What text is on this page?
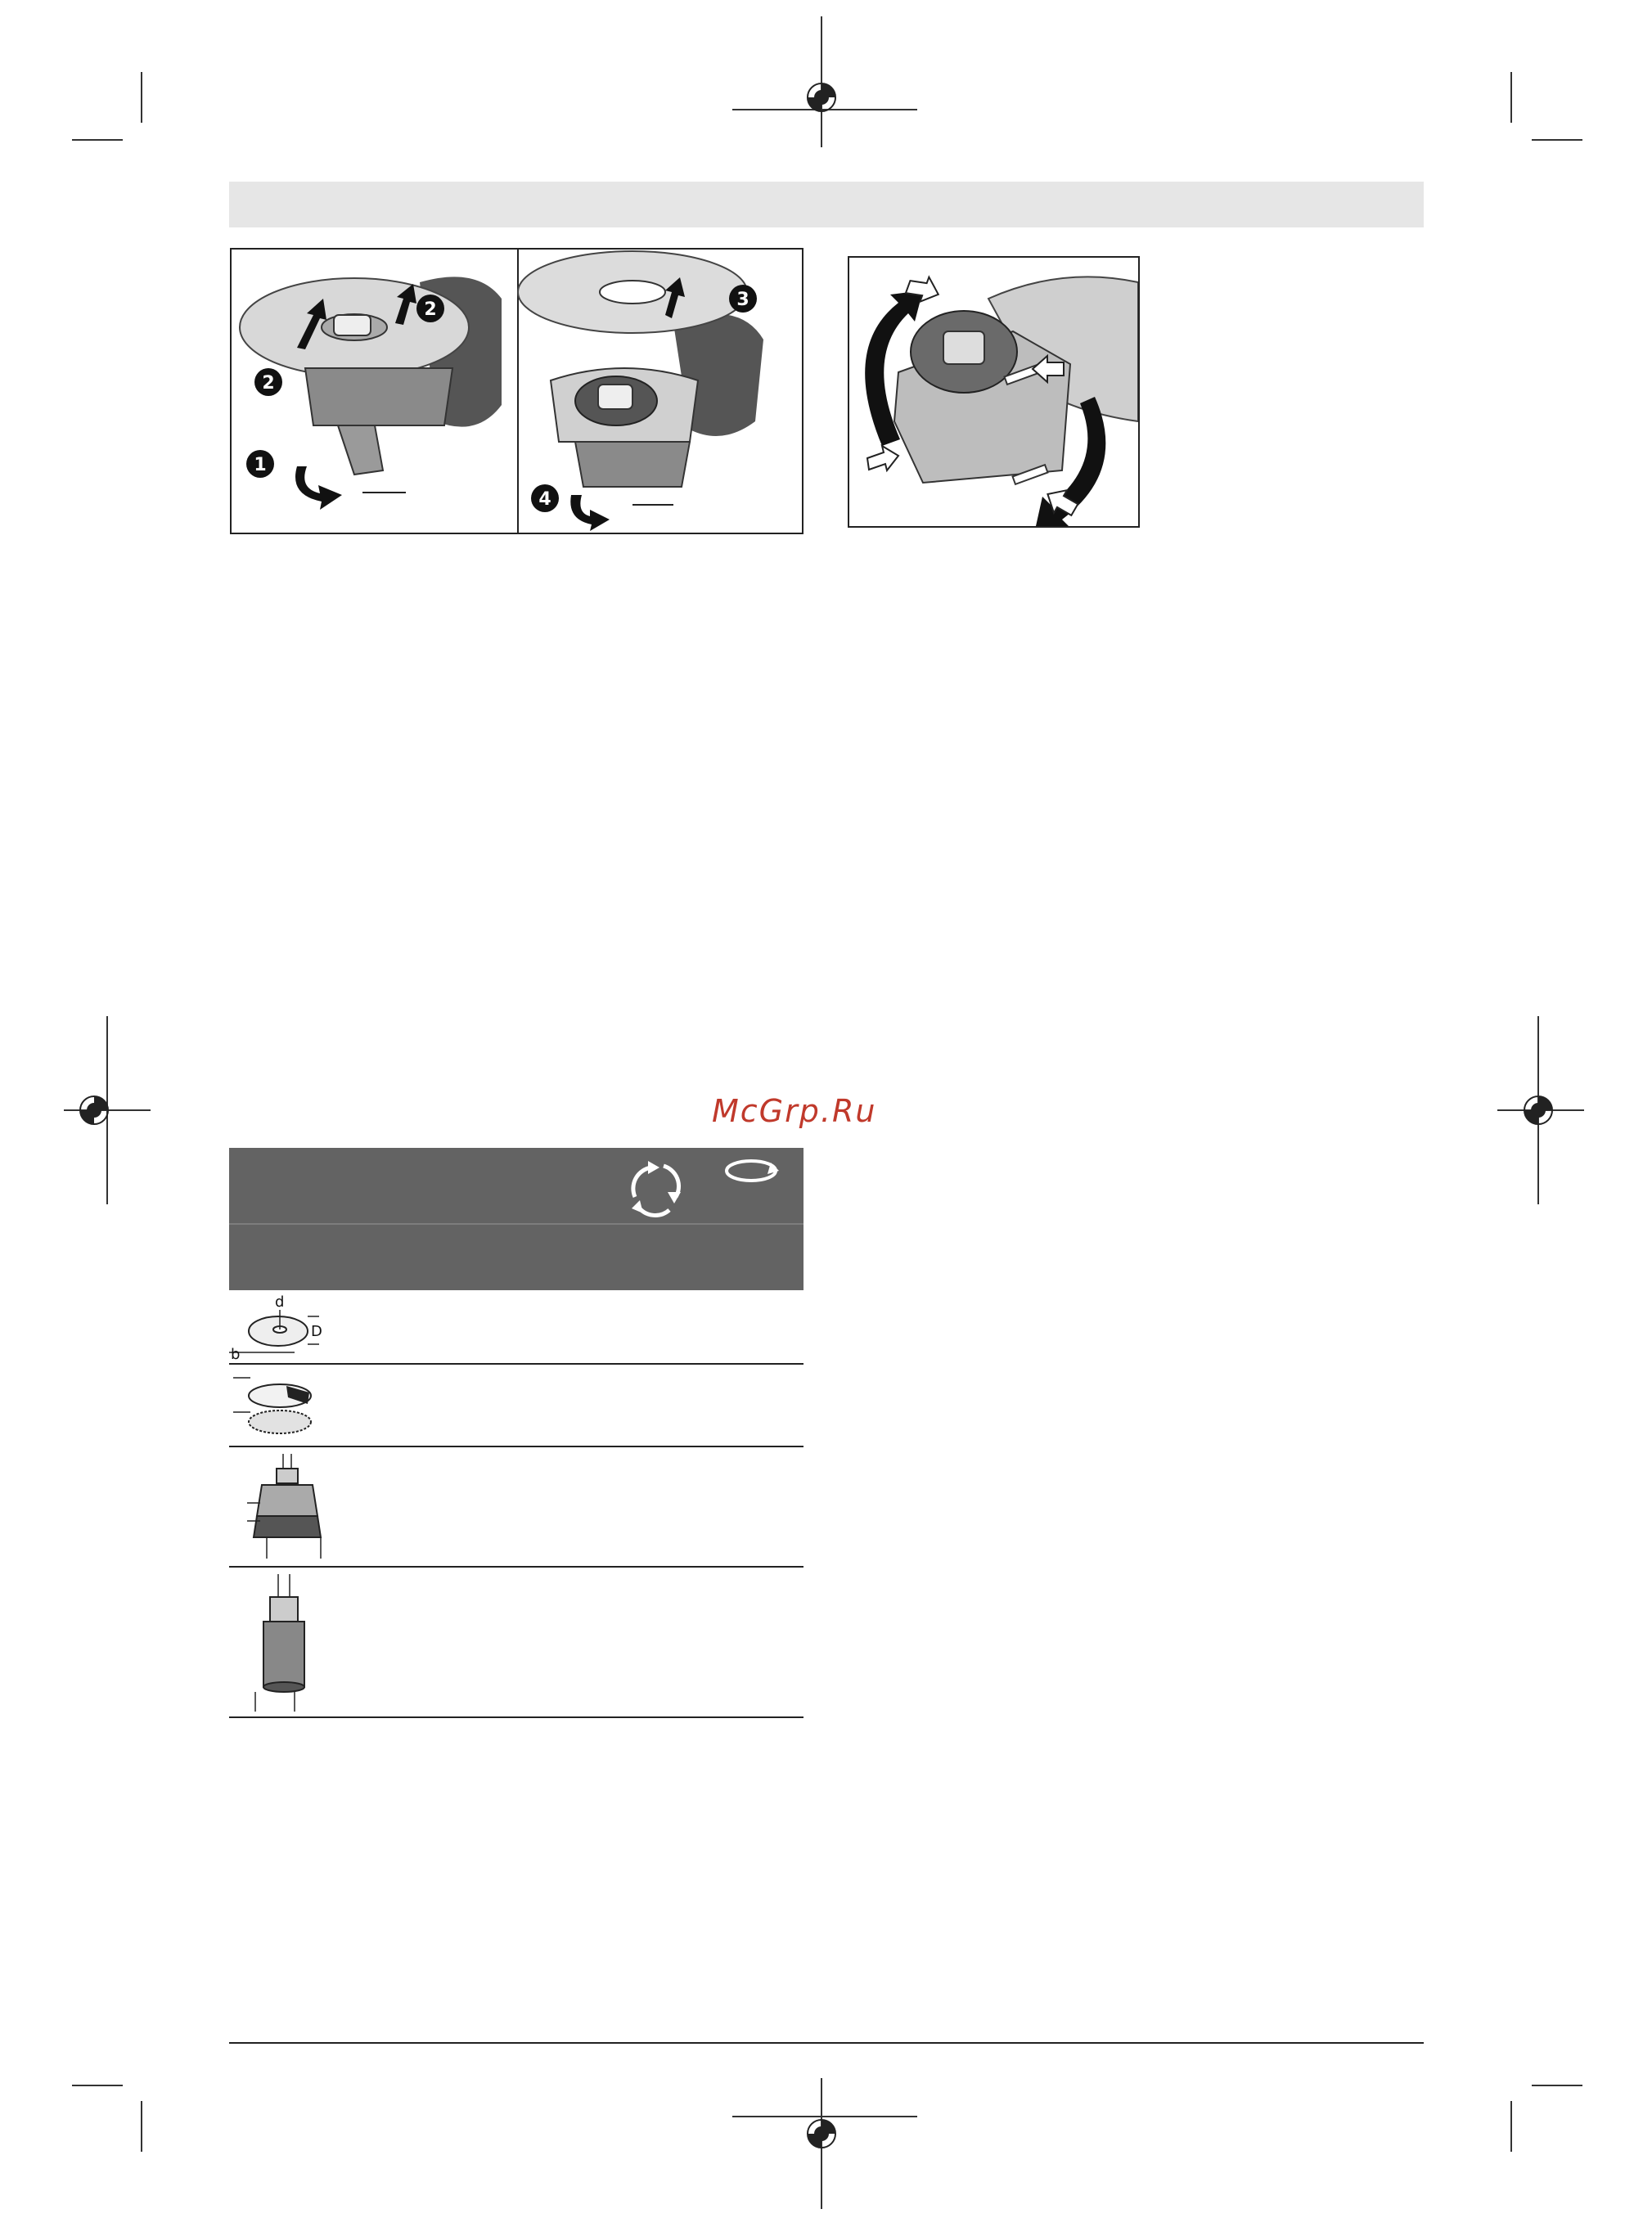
1
2
2	3
4
McGrp.Ru
d
D
b
